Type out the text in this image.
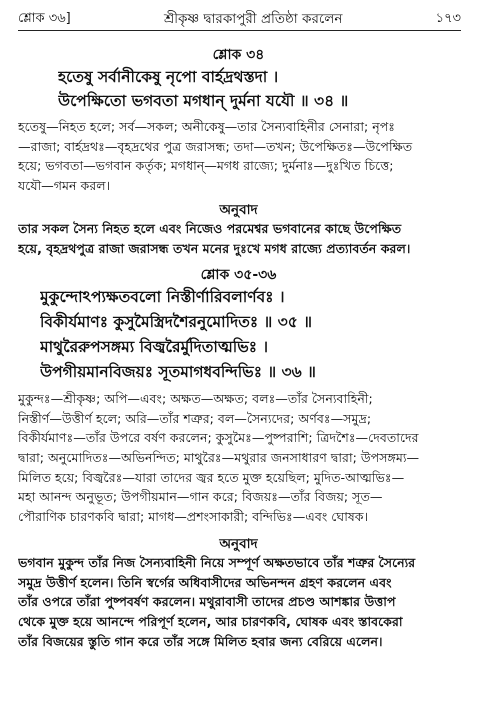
শ্লোক ৩৬]	শ্রীকৃষ্ণ দ্বারকাপুরী প্রতিষ্ঠা করলেন	১৭৩
শ্লোক ৩৪
হতেষু সর্বানীকেষু নৃপো বার্হদ্রথস্তদা ।
উপেক্ষিতো ভগবতা মগধান্ দুর্মনা যযৌ ॥ ৩৪ ॥
হতেষু—নিহত হলে; সর্ব—সকল; অনীকেষু—তার সৈন্যবাহিনীর সেনারা; নৃপঃ
—রাজা; বার্হদ্রথঃ—বৃহদ্রথের পুত্র জরাসন্ধ; তদা—তখন; উপেক্ষিতঃ—উপেক্ষিত
হয়ে; ভগবতা—ভগবান কর্তৃক; মগধান্—মগধ রাজ্যে; দুর্মনাঃ—দুঃখিত চিত্তে;
যযৌ—গমন করল।
অনুবাদ
তার সকল সৈন্য নিহত হলে এবং নিজেও পরমেশ্বর ভগবানের কাছে উপেক্ষিত
হয়ে, বৃহদ্রথপুত্র রাজা জরাসন্ধ তখন মনের দুঃখে মগধ রাজ্যে প্রত্যাবর্তন করল।
শ্লোক ৩৫-৩৬
মুকুন্দোঽপ্যক্ষতবলো নিস্তীর্ণারিবলার্ণবঃ ।
বিকীর্যমাণঃ কুসুমৈস্ত্রিদশৈরনুমোদিতঃ ॥ ৩৫ ॥
মাথুরৈরুপসঙ্গম্য বিজ্বরৈর্মুদিতাত্মভিঃ ।
উপগীয়মানবিজয়ঃ সূতমাগধবন্দিভিঃ ॥ ৩৬ ॥
মুকুন্দঃ—শ্রীকৃষ্ণ; অপি—এবং; অক্ষত—অক্ষত; বলঃ—তাঁর সৈন্যবাহিনী;
নিস্তীর্ণ—উত্তীর্ণ হলে; অরি—তাঁর শত্রুর; বল—সৈন্যদের; অর্ণবঃ—সমুদ্র;
বিকীর্যমাণঃ—তাঁর উপরে বর্ষণ করলেন; কুসুমৈঃ—পুষ্পরাশি; ত্রিদশৈঃ—দেবতাদের
দ্বারা; অনুমোদিতঃ—অভিনন্দিত; মাথুরৈঃ—মথুরার জনসাধারণ দ্বারা; উপসঙ্গম্য—
মিলিত হয়ে; বিজ্বরৈঃ—যারা তাদের জ্বর হতে মুক্ত হয়েছিল; মুদিত-আত্মভিঃ—
মহা আনন্দ অনুভূত; উপগীয়মান—গান করে; বিজয়ঃ—তাঁর বিজয়; সূত—
পৌরাণিক চারণকবি দ্বারা; মাগধ—প্রশংসাকারী; বন্দিভিঃ—এবং ঘোষক।
অনুবাদ
ভগবান মুকুন্দ তাঁর নিজ সৈন্যবাহিনী নিয়ে সম্পূর্ণ অক্ষতভাবে তাঁর শত্রুর সৈন্যের
সমুদ্র উত্তীর্ণ হলেন। তিনি স্বর্গের অধিবাসীদের অভিনন্দন গ্রহণ করলেন এবং
তাঁর ওপরে তাঁরা পুষ্পবর্ষণ করলেন। মথুরাবাসী তাদের প্রচণ্ড আশঙ্কার উত্তাপ
থেকে মুক্ত হয়ে আনন্দে পরিপূর্ণ হলেন, আর চারণকবি, ঘোষক এবং স্তাবকেরা
তাঁর বিজয়ের স্তুতি গান করে তাঁর সঙ্গে মিলিত হবার জন্য বেরিয়ে এলেন।
